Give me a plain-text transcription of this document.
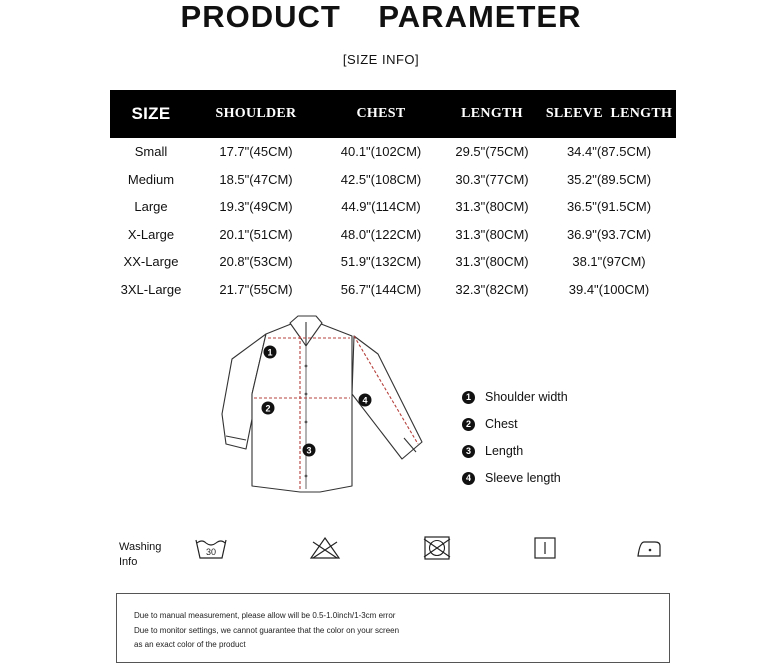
PRODUCT PARAMETER
[SIZE INFO]
SIZE	SHOULDER	CHEST	LENGTH	SLEEVE  LENGTH
Small	17.7"(45CM)	40.1"(102CM)	29.5"(75CM)	34.4"(87.5CM)
Medium	18.5"(47CM)	42.5"(108CM)	30.3"(77CM)	35.2"(89.5CM)
Large	19.3"(49CM)	44.9"(114CM)	31.3"(80CM)	36.5"(91.5CM)
X-Large	20.1"(51CM)	48.0"(122CM)	31.3"(80CM)	36.9"(93.7CM)
XX-Large	20.8"(53CM)	51.9"(132CM)	31.3"(80CM)	38.1"(97CM)
3XL-Large	21.7"(55CM)	56.7"(144CM)	32.3"(82CM)	39.4"(100CM)
1
2
3
4	1	Shoulder width
2	Chest
3	Length
4	Sleeve length
Washing
Info
30
Due to manual measurement, please allow will be 0.5-1.0inch/1-3cm error
Due to monitor settings, we cannot guarantee that the color on your screen
as an exact color of the product
